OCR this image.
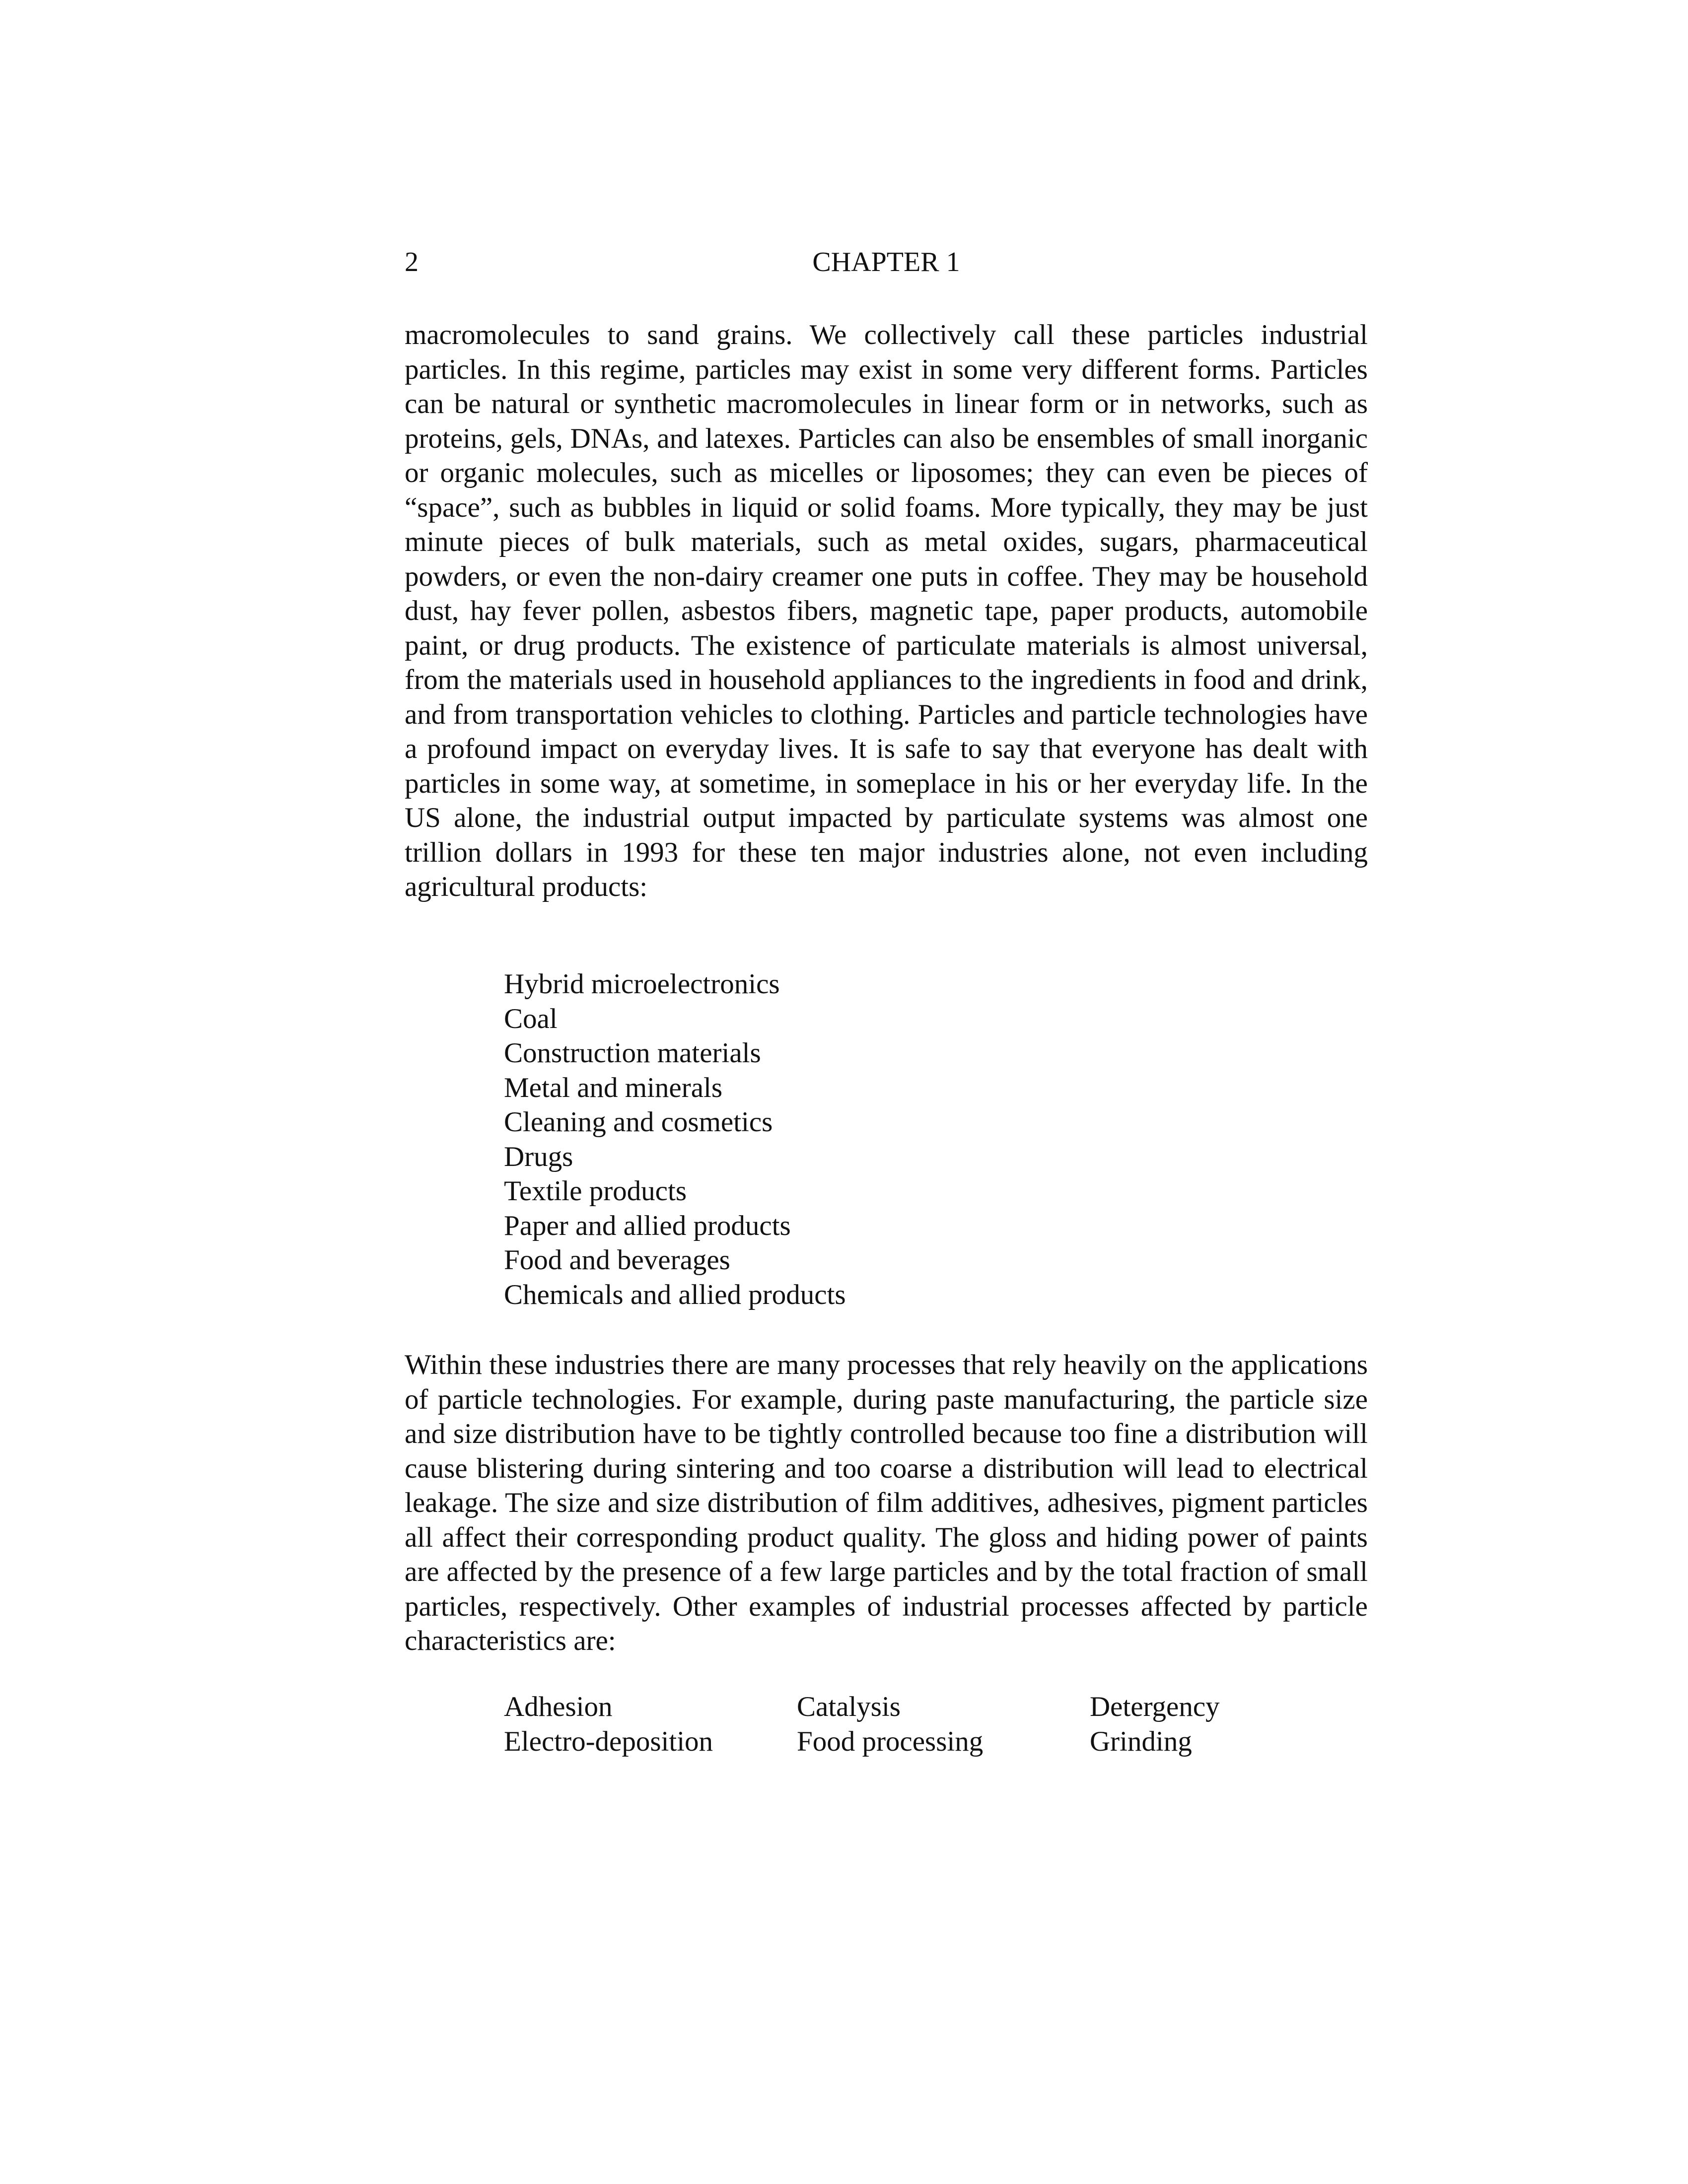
2	CHAPTER 1

macromolecules to sand grains. We collectively call these particles industrial particles. In this regime, particles may exist in some very different forms. Particles can be natural or synthetic macromolecules in linear form or in networks, such as proteins, gels, DNAs, and latexes. Particles can also be ensembles of small inorganic or organic molecules, such as micelles or liposomes; they can even be pieces of “space”, such as bubbles in liquid or solid foams. More typically, they may be just minute pieces of bulk materials, such as metal oxides, sugars, pharmaceutical powders, or even the non-dairy creamer one puts in coffee. They may be household dust, hay fever pollen, asbestos fibers, magnetic tape, paper products, automobile paint, or drug products. The existence of particulate materials is almost universal, from the materials used in household appliances to the ingredients in food and drink, and from transportation vehicles to clothing. Particles and particle technologies have a profound impact on everyday lives. It is safe to say that everyone has dealt with particles in some way, at sometime, in someplace in his or her everyday life. In the US alone, the industrial output impacted by particulate systems was almost one trillion dollars in 1993 for these ten major industries alone, not even including agricultural products:

Hybrid microelectronics
Coal
Construction materials
Metal and minerals
Cleaning and cosmetics
Drugs
Textile products
Paper and allied products
Food and beverages
Chemicals and allied products

Within these industries there are many processes that rely heavily on the applications of particle technologies. For example, during paste manufacturing, the particle size and size distribution have to be tightly controlled because too fine a distribution will cause blistering during sintering and too coarse a distribution will lead to electrical leakage. The size and size distribution of film additives, adhesives, pigment particles all affect their corresponding product quality. The gloss and hiding power of paints are affected by the presence of a few large particles and by the total fraction of small particles, respectively. Other examples of industrial processes affected by particle characteristics are:

Adhesion	Catalysis	Detergency
Electro-deposition	Food processing	Grinding
